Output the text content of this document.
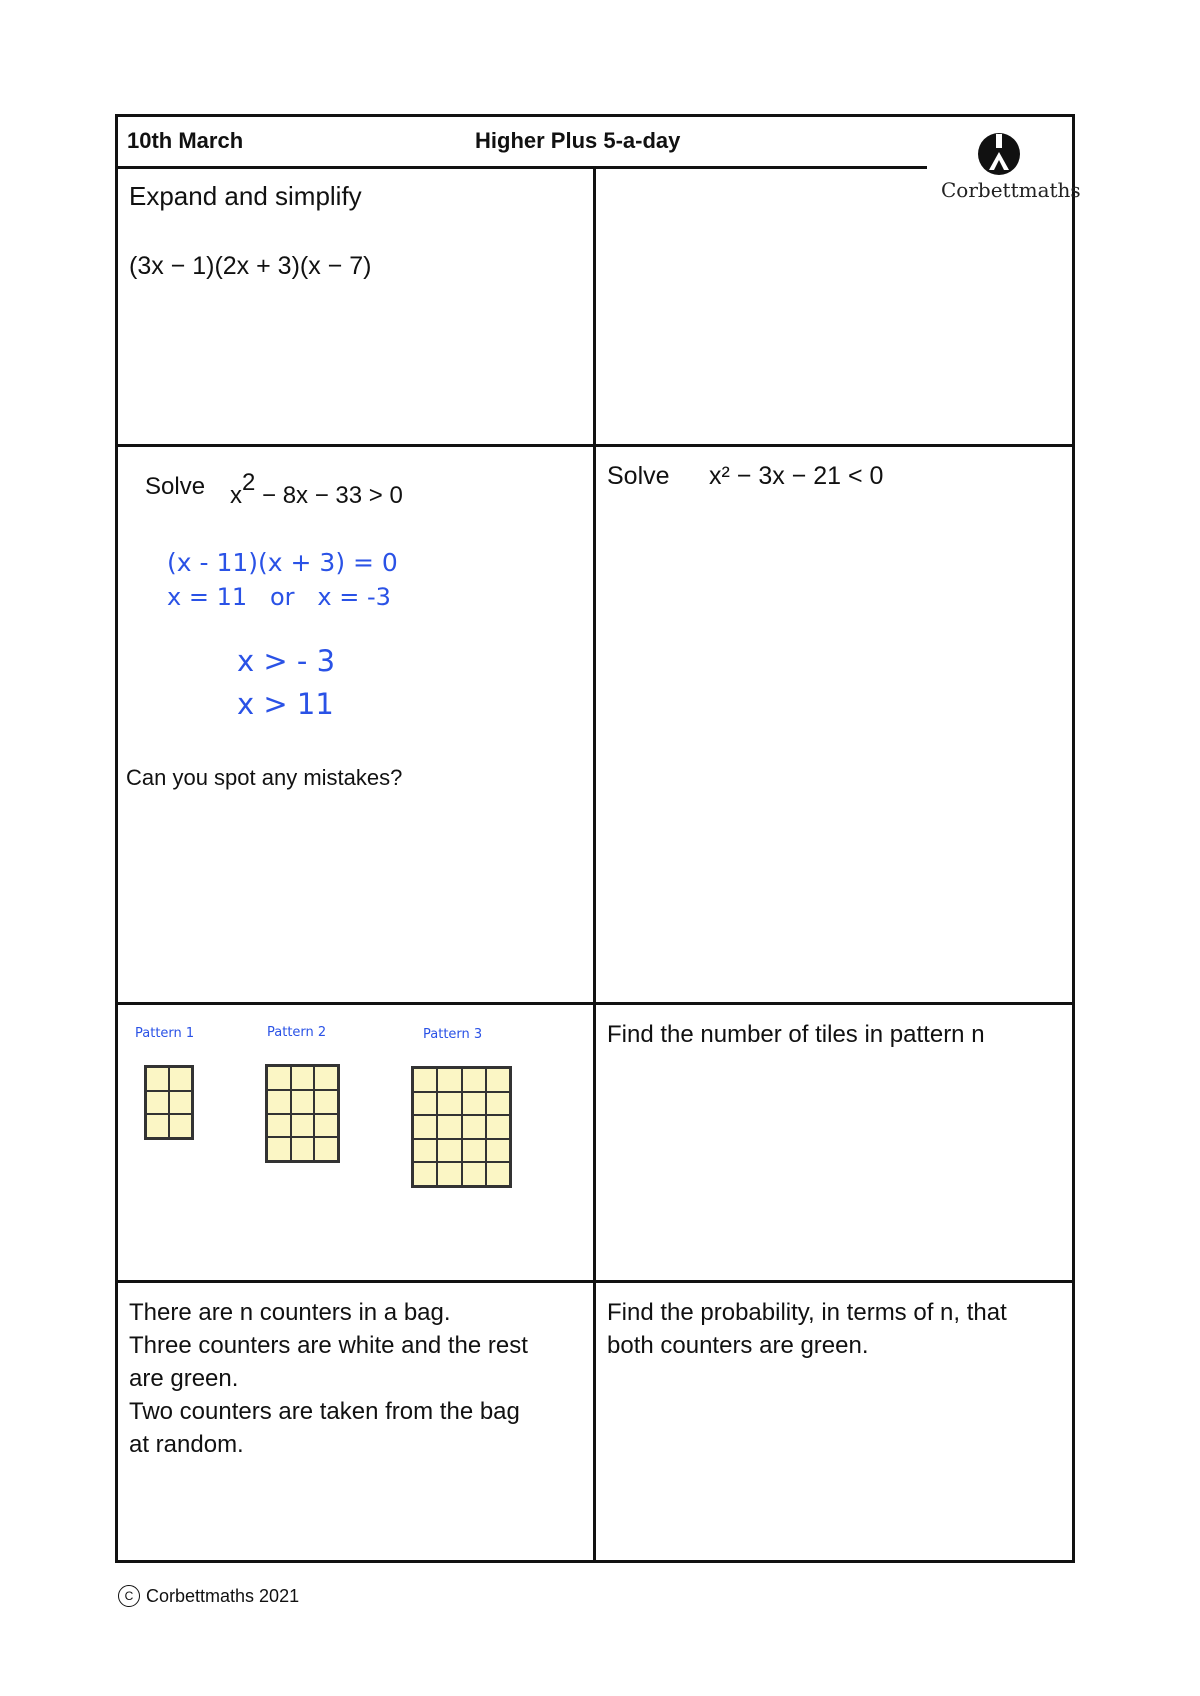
10th March	Higher Plus 5-a-day
Corbettmaths
Expand and simplify
(3x − 1)(2x + 3)(x − 7)
Solve $x^2 - 8x - 33 > 0$
(x - 11)(x + 3) = 0
x = 11   or   x = -3
x > - 3
x > 11
Can you spot any mistakes?
Solve x² − 3x − 21 < 0
Pattern 1	Pattern 2	Pattern 3	Find the number of tiles in pattern n
There are n counters in a bag.
Three counters are white and the rest
are green.
Two counters are taken from the bag
at random.
Find the probability, in terms of n, that
both counters are green.
C Corbettmaths 2021
